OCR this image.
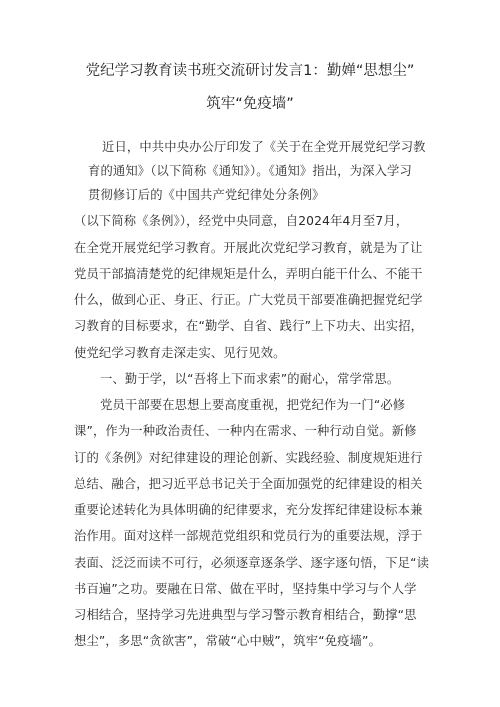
党纪学习教育读书班交流研讨发言1：勤婵“思想尘”
筑牢“免疫墙”
近日，中共中央办公厅印发了《关于在全党开展党纪学习教
育的通知》（以下简称《通知》）。《通知》指出，为深入学习
贯彻修订后的《中国共产党纪律处分条例》
（以下简称《条例》），经党中央同意，自2024年4月至7月，
在全党开展党纪学习教育。开展此次党纪学习教育，就是为了让
党员干部搞清楚党的纪律规矩是什么，弄明白能干什么、不能干
什么，做到心正、身正、行正。广大党员干部要准确把握党纪学
习教育的目标要求，在“勤学、自省、践行”上下功夫、出实招，
使党纪学习教育走深走实、见行见效。
一、勤于学，以“吾将上下而求索”的耐心，常学常思。
党员干部要在思想上要高度重视，把党纪作为一门“必修
课”，作为一种政治责任、一种内在需求、一种行动自觉。新修
订的《条例》对纪律建设的理论创新、实践经验、制度规矩进行
总结、融合，把习近平总书记关于全面加强党的纪律建设的相关
重要论述转化为具体明确的纪律要求，充分发挥纪律建设标本兼
治作用。面对这样一部规范党组织和党员行为的重要法规，浮于
表面、泛泛而读不可行，必须逐章逐条学、逐字逐句悟，下足“读
书百遍”之功。要融在日常、做在平时，坚持集中学习与个人学
习相结合，坚持学习先进典型与学习警示教育相结合，勤撑“思
想尘”，多思“贪欲害”，常破“心中贼”，筑牢“免疫墙”。
